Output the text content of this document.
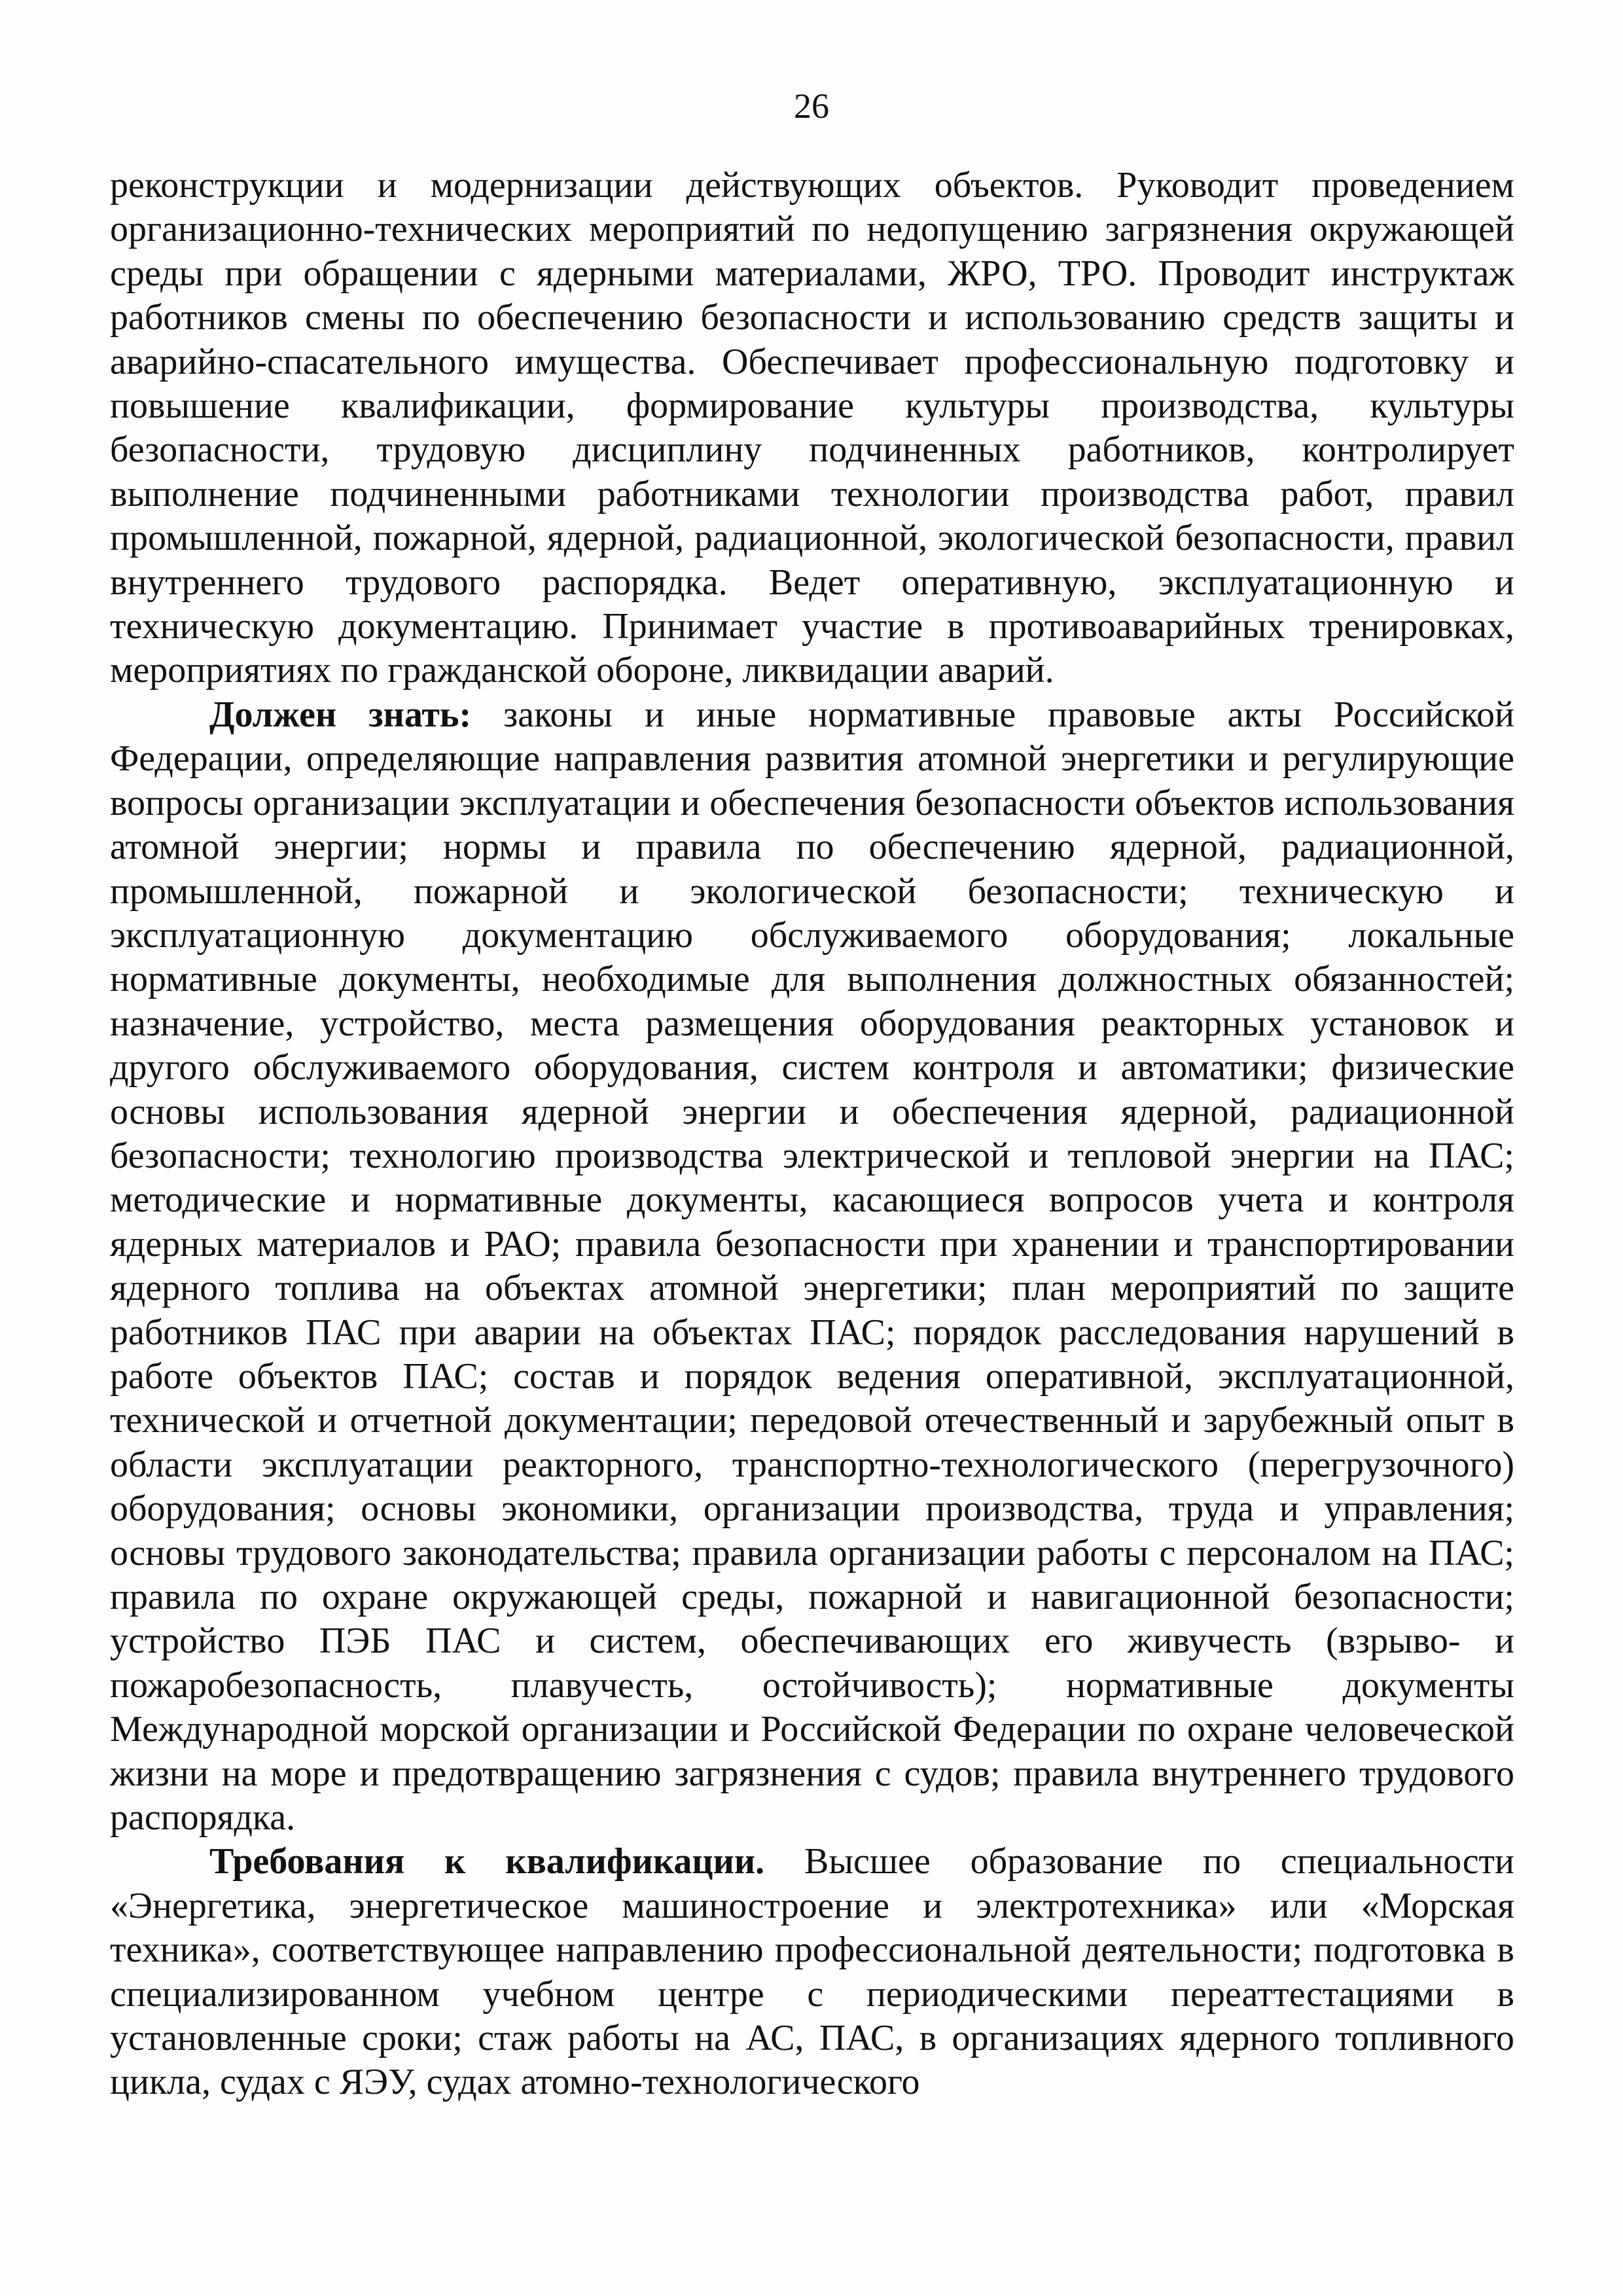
26

реконструкции и модернизации действующих объектов. Руководит проведением организационно-технических мероприятий по недопущению загрязнения окружающей среды при обращении с ядерными материалами, ЖРО, ТРО. Проводит инструктаж работников смены по обеспечению безопасности и использованию средств защиты и аварийно-спасательного имущества. Обеспечивает профессиональную подготовку и повышение квалификации, формирование культуры производства, культуры безопасности, трудовую дисциплину подчиненных работников, контролирует выполнение подчиненными работниками технологии производства работ, правил промышленной, пожарной, ядерной, радиационной, экологической безопасности, правил внутреннего трудового распорядка. Ведет оперативную, эксплуатационную и техническую документацию. Принимает участие в противоаварийных тренировках, мероприятиях по гражданской обороне, ликвидации аварий.

Должен знать: законы и иные нормативные правовые акты Российской Федерации, определяющие направления развития атомной энергетики и регулирующие вопросы организации эксплуатации и обеспечения безопасности объектов использования атомной энергии; нормы и правила по обеспечению ядерной, радиационной, промышленной, пожарной и экологической безопасности; техническую и эксплуатационную документацию обслуживаемого оборудования; локальные нормативные документы, необходимые для выполнения должностных обязанностей; назначение, устройство, места размещения оборудования реакторных установок и другого обслуживаемого оборудования, систем контроля и автоматики; физические основы использования ядерной энергии и обеспечения ядерной, радиационной безопасности; технологию производства электрической и тепловой энергии на ПАС; методические и нормативные документы, касающиеся вопросов учета и контроля ядерных материалов и РАО; правила безопасности при хранении и транспортировании ядерного топлива на объектах атомной энергетики; план мероприятий по защите работников ПАС при аварии на объектах ПАС; порядок расследования нарушений в работе объектов ПАС; состав и порядок ведения оперативной, эксплуатационной, технической и отчетной документации; передовой отечественный и зарубежный опыт в области эксплуатации реакторного, транспортно-технологического (перегрузочного) оборудования; основы экономики, организации производства, труда и управления; основы трудового законодательства; правила организации работы с персоналом на ПАС; правила по охране окружающей среды, пожарной и навигационной безопасности; устройство ПЭБ ПАС и систем, обеспечивающих его живучесть (взрыво- и пожаробезопасность, плавучесть, остойчивость); нормативные документы Международной морской организации и Российской Федерации по охране человеческой жизни на море и предотвращению загрязнения с судов; правила внутреннего трудового распорядка.

Требования к квалификации. Высшее образование по специальности «Энергетика, энергетическое машиностроение и электротехника» или «Морская техника», соответствующее направлению профессиональной деятельности; подготовка в специализированном учебном центре с периодическими переаттестациями в установленные сроки; стаж работы на АС, ПАС, в организациях ядерного топливного цикла, судах с ЯЭУ, судах атомно-технологического
